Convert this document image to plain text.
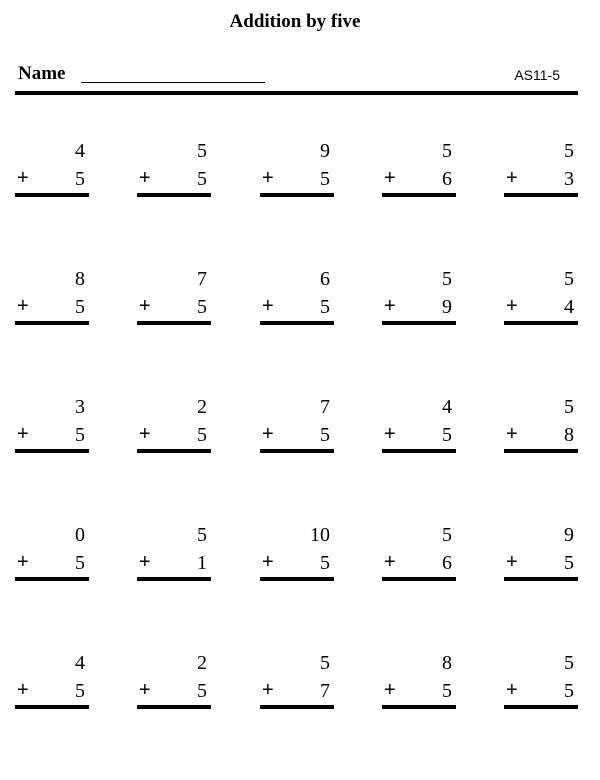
Addition by five
Name	AS11-5
4
+ 5
5
+ 5
9
+ 5
5
+ 6
5
+ 3
8
+ 5
7
+ 5
6
+ 5
5
+ 9
5
+ 4
3
+ 5
2
+ 5
7
+ 5
4
+ 5
5
+ 8
0
+ 5
5
+ 1
10
+ 5
5
+ 6
9
+ 5
4
+ 5
2
+ 5
5
+ 7
8
+ 5
5
+ 5
